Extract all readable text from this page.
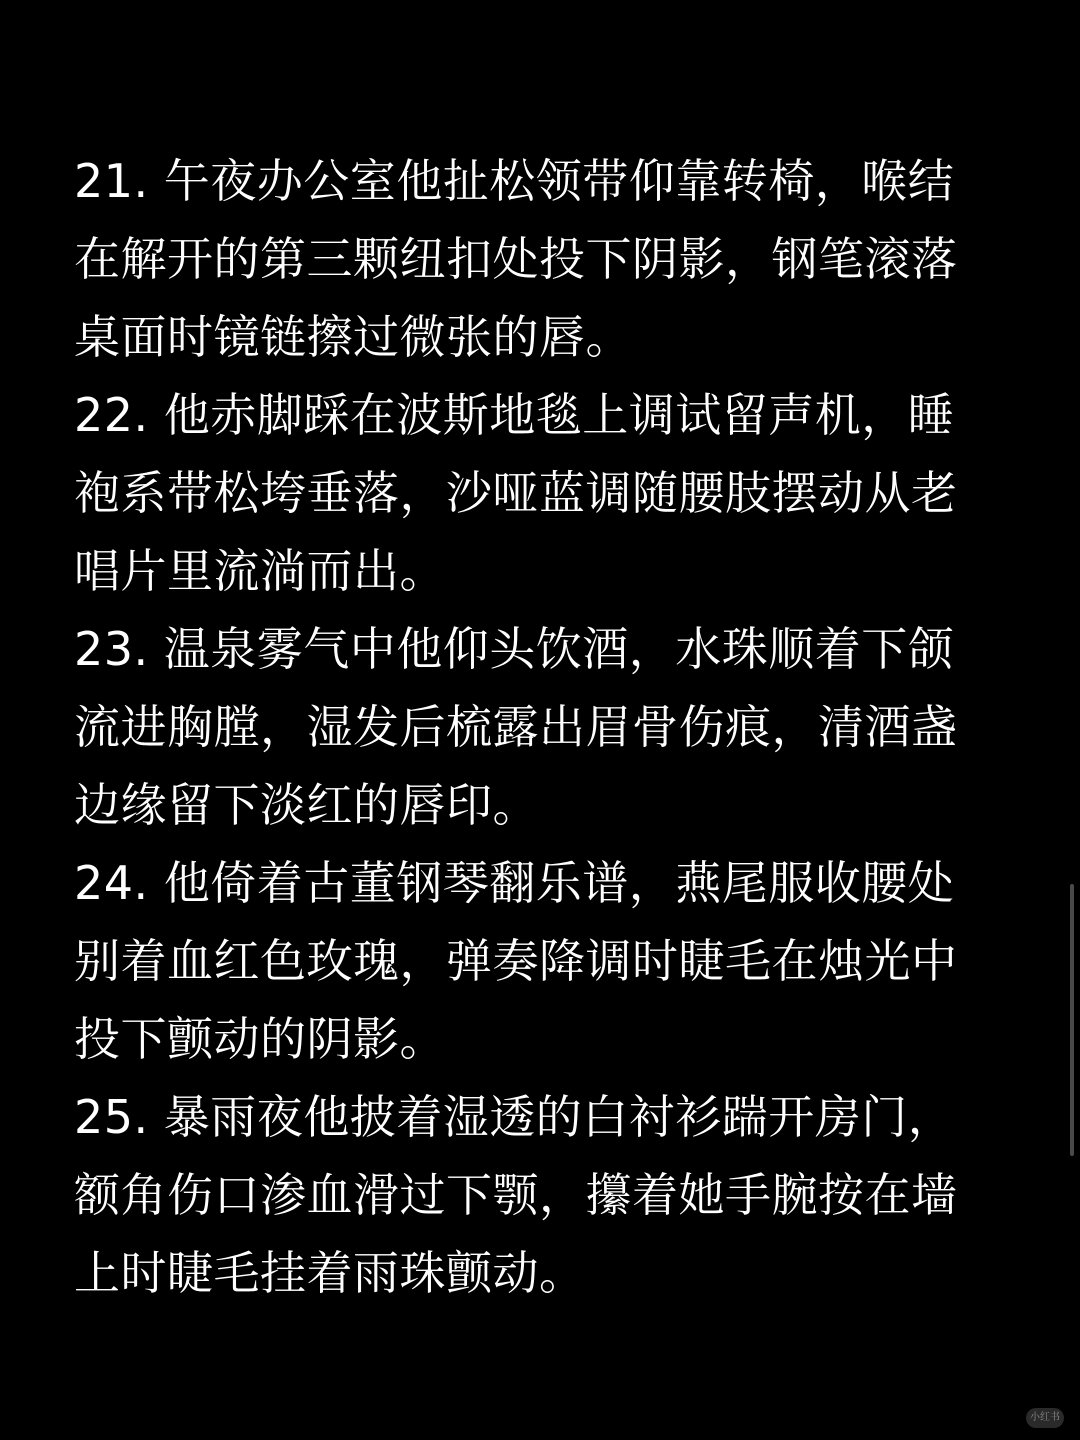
21. 午夜办公室他扯松领带仰靠转椅，喉结
在解开的第三颗纽扣处投下阴影，钢笔滚落
桌面时镜链擦过微张的唇。

22. 他赤脚踩在波斯地毯上调试留声机，睡
袍系带松垮垂落，沙哑蓝调随腰肢摆动从老
唱片里流淌而出。

23. 温泉雾气中他仰头饮酒，水珠顺着下颌
流进胸膛，湿发后梳露出眉骨伤痕，清酒盏
边缘留下淡红的唇印。

24. 他倚着古董钢琴翻乐谱，燕尾服收腰处
别着血红色玫瑰，弹奏降调时睫毛在烛光中
投下颤动的阴影。

25. 暴雨夜他披着湿透的白衬衫踹开房门，
额角伤口渗血滑过下颚，攥着她手腕按在墙
上时睫毛挂着雨珠颤动。

小红书
